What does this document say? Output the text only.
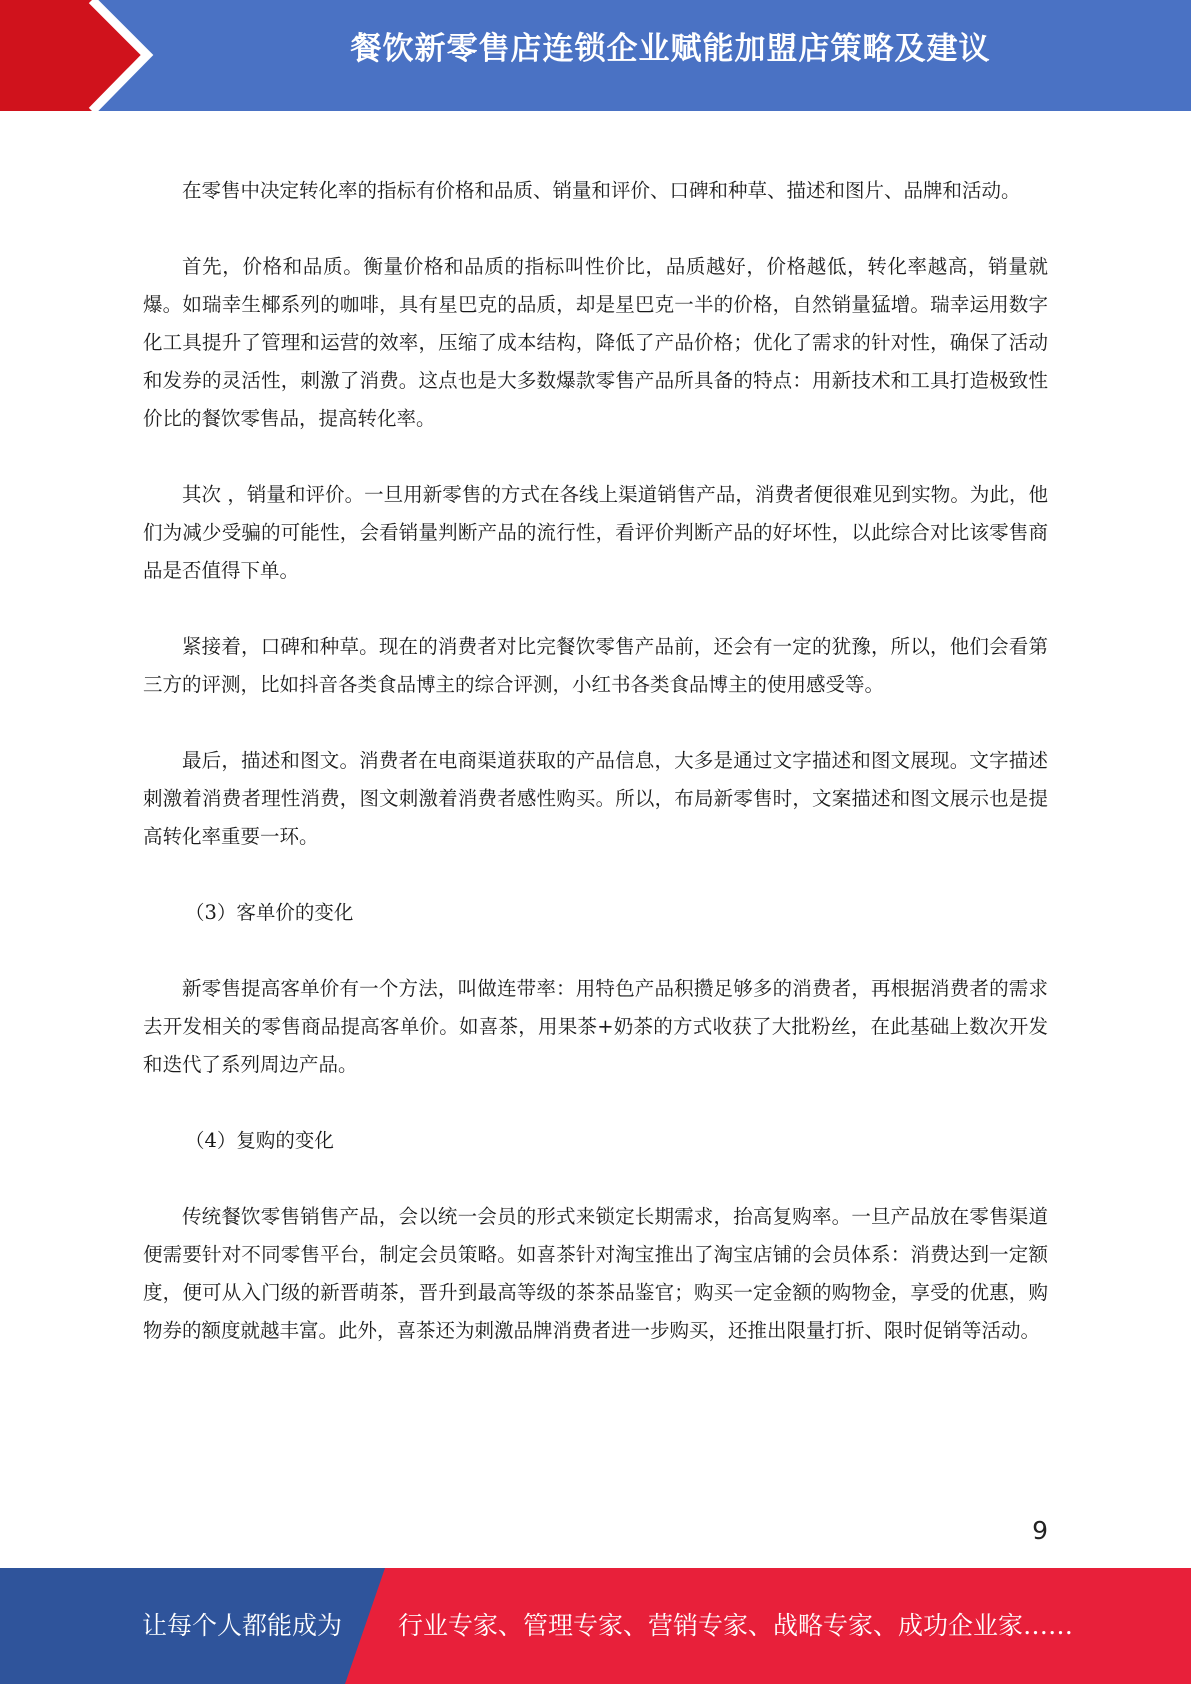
餐饮新零售店连锁企业赋能加盟店策略及建议

在零售中决定转化率的指标有价格和品质、销量和评价、口碑和种草、描述和图片、品牌和活动。

首先，价格和品质。衡量价格和品质的指标叫性价比，品质越好，价格越低，转化率越高，销量就爆。如瑞幸生椰系列的咖啡，具有星巴克的品质，却是星巴克一半的价格，自然销量猛增。瑞幸运用数字化工具提升了管理和运营的效率，压缩了成本结构，降低了产品价格；优化了需求的针对性，确保了活动和发券的灵活性，刺激了消费。这点也是大多数爆款零售产品所具备的特点：用新技术和工具打造极致性价比的餐饮零售品，提高转化率。

其次 ，销量和评价。一旦用新零售的方式在各线上渠道销售产品，消费者便很难见到实物。为此，他们为减少受骗的可能性，会看销量判断产品的流行性，看评价判断产品的好坏性，以此综合对比该零售商品是否值得下单。

紧接着，口碑和种草。现在的消费者对比完餐饮零售产品前，还会有一定的犹豫，所以，他们会看第三方的评测，比如抖音各类食品博主的综合评测，小红书各类食品博主的使用感受等。

最后，描述和图文。消费者在电商渠道获取的产品信息，大多是通过文字描述和图文展现。文字描述刺激着消费者理性消费，图文刺激着消费者感性购买。所以，布局新零售时，文案描述和图文展示也是提高转化率重要一环。

（3）客单价的变化

新零售提高客单价有一个方法，叫做连带率：用特色产品积攒足够多的消费者，再根据消费者的需求去开发相关的零售商品提高客单价。如喜茶，用果茶+奶茶的方式收获了大批粉丝，在此基础上数次开发和迭代了系列周边产品。

（4）复购的变化

传统餐饮零售销售产品，会以统一会员的形式来锁定长期需求，抬高复购率。一旦产品放在零售渠道便需要针对不同零售平台，制定会员策略。如喜茶针对淘宝推出了淘宝店铺的会员体系：消费达到一定额度，便可从入门级的新晋萌茶，晋升到最高等级的茶茶品鉴官；购买一定金额的购物金，享受的优惠，购物券的额度就越丰富。此外，喜茶还为刺激品牌消费者进一步购买，还推出限量打折、限时促销等活动。

9
让每个人都能成为 行业专家、管理专家、营销专家、战略专家、成功企业家……
